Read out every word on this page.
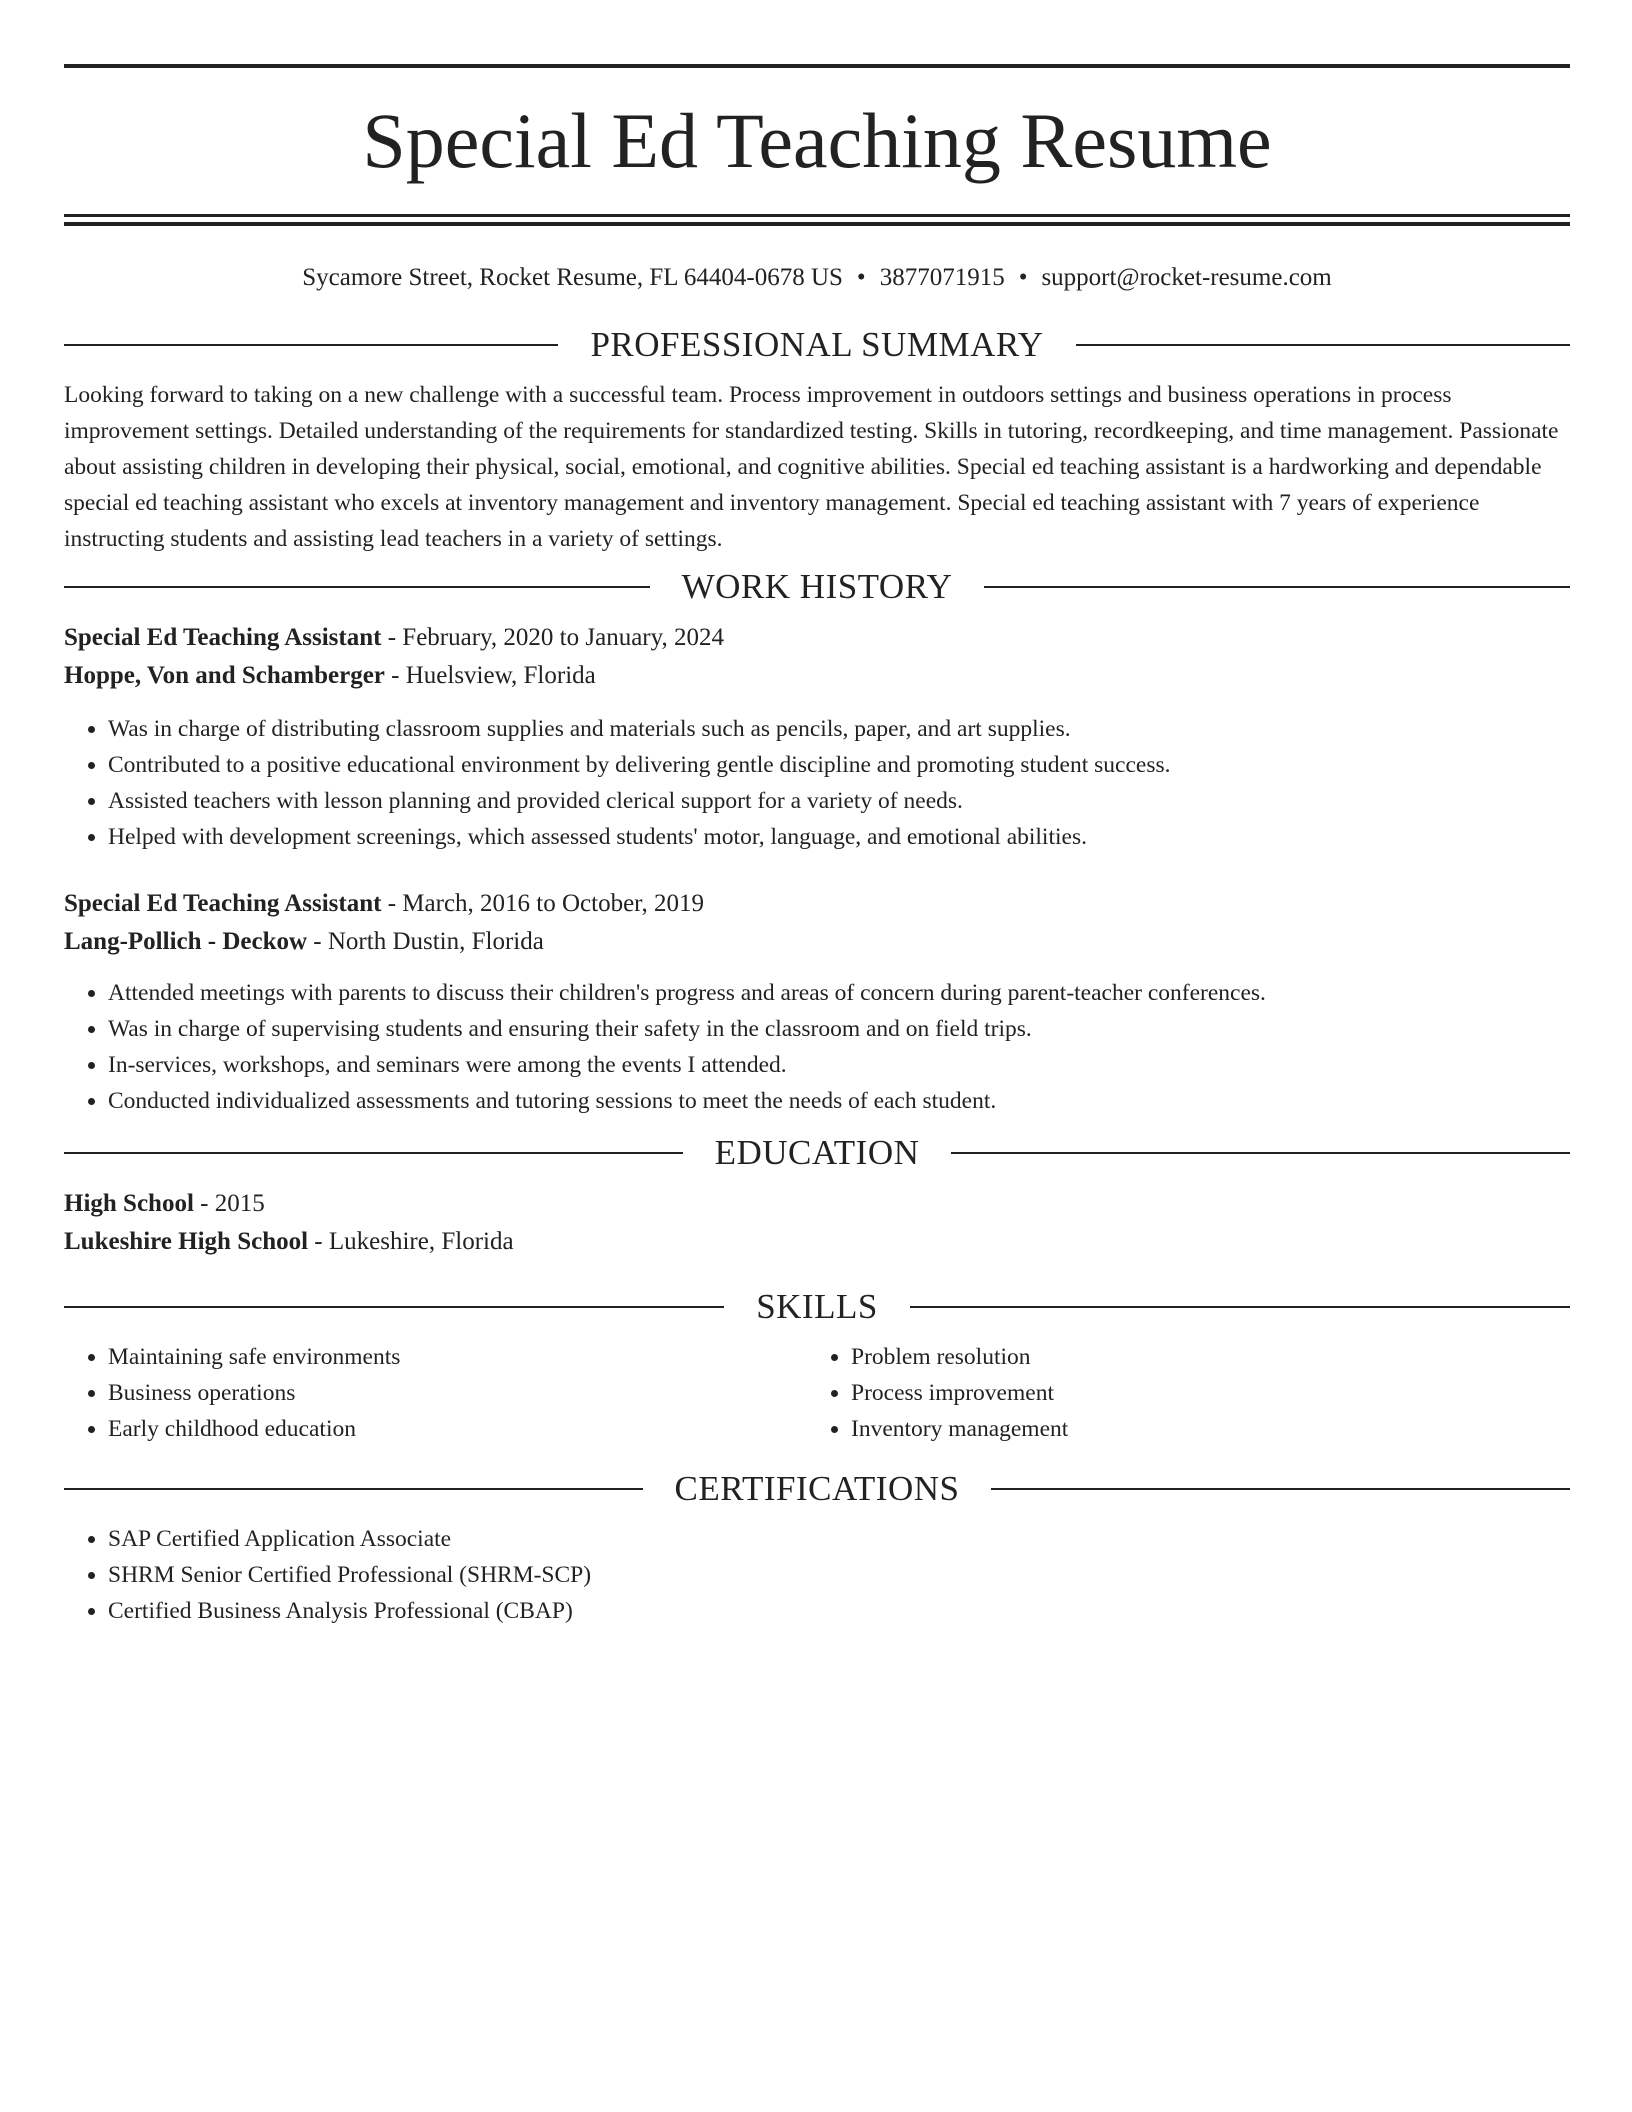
Special Ed Teaching Resume
Sycamore Street, Rocket Resume, FL 64404-0678 US • 3877071915 • support@rocket-resume.com
PROFESSIONAL SUMMARY

Looking forward to taking on a new challenge with a successful team. Process improvement in outdoors settings and business operations in process improvement settings. Detailed understanding of the requirements for standardized testing. Skills in tutoring, recordkeeping, and time management. Passionate about assisting children in developing their physical, social, emotional, and cognitive abilities. Special ed teaching assistant is a hardworking and dependable special ed teaching assistant who excels at inventory management and inventory management. Special ed teaching assistant with 7 years of experience instructing students and assisting lead teachers in a variety of settings.

WORK HISTORY
Special Ed Teaching Assistant - February, 2020 to January, 2024
Hoppe, Von and Schamberger - Huelsview, Florida
• Was in charge of distributing classroom supplies and materials such as pencils, paper, and art supplies.
• Contributed to a positive educational environment by delivering gentle discipline and promoting student success.
• Assisted teachers with lesson planning and provided clerical support for a variety of needs.
• Helped with development screenings, which assessed students' motor, language, and emotional abilities.
Special Ed Teaching Assistant - March, 2016 to October, 2019
Lang-Pollich - Deckow - North Dustin, Florida
• Attended meetings with parents to discuss their children's progress and areas of concern during parent-teacher conferences.
• Was in charge of supervising students and ensuring their safety in the classroom and on field trips.
• In-services, workshops, and seminars were among the events I attended.
• Conducted individualized assessments and tutoring sessions to meet the needs of each student.
EDUCATION
High School - 2015
Lukeshire High School - Lukeshire, Florida
SKILLS
• Maintaining safe environments
• Business operations
• Early childhood education
• Problem resolution
• Process improvement
• Inventory management
CERTIFICATIONS
• SAP Certified Application Associate
• SHRM Senior Certified Professional (SHRM-SCP)
• Certified Business Analysis Professional (CBAP)
